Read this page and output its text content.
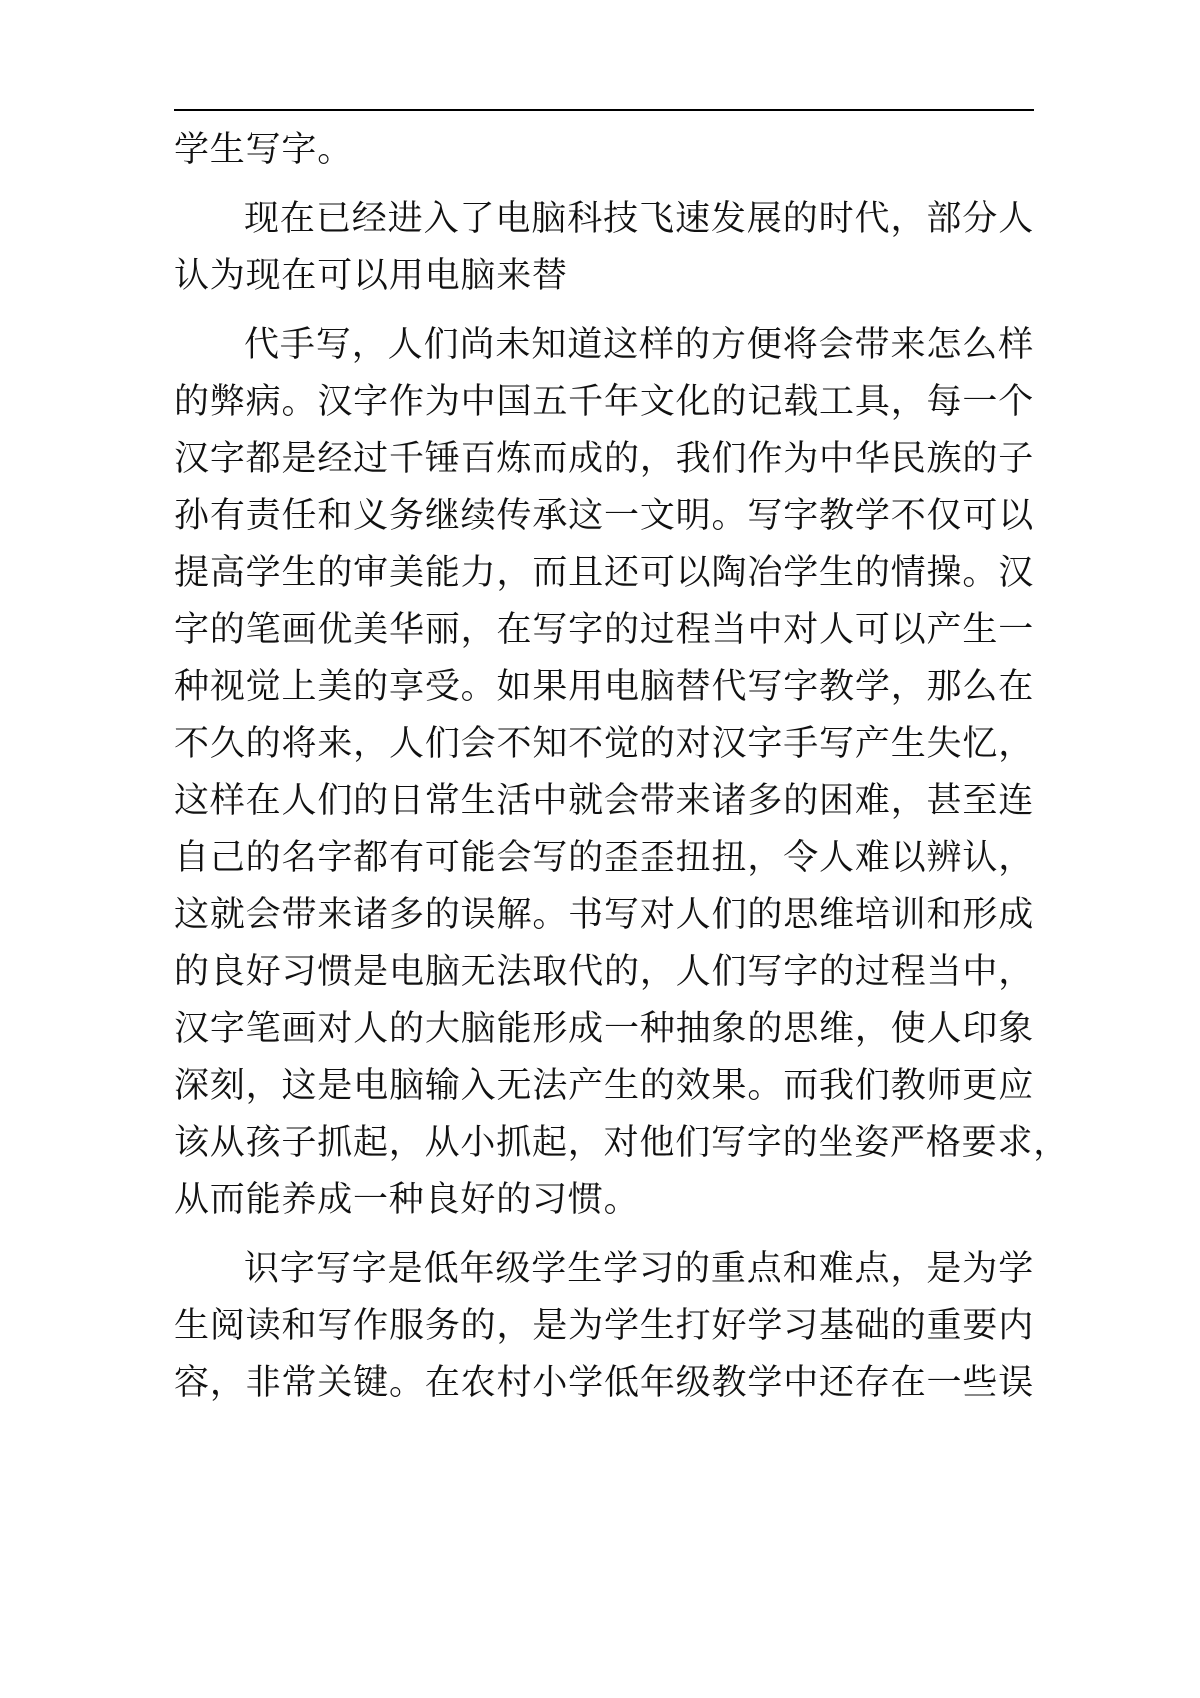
学生写字。

现在已经进入了电脑科技飞速发展的时代，部分人
认为现在可以用电脑来替

代手写，人们尚未知道这样的方便将会带来怎么样
的弊病。汉字作为中国五千年文化的记载工具，每一个
汉字都是经过千锤百炼而成的，我们作为中华民族的子
孙有责任和义务继续传承这一文明。写字教学不仅可以
提高学生的审美能力，而且还可以陶冶学生的情操。汉
字的笔画优美华丽，在写字的过程当中对人可以产生一
种视觉上美的享受。如果用电脑替代写字教学，那么在
不久的将来，人们会不知不觉的对汉字手写产生失忆，
这样在人们的日常生活中就会带来诸多的困难，甚至连
自己的名字都有可能会写的歪歪扭扭，令人难以辨认，
这就会带来诸多的误解。书写对人们的思维培训和形成
的良好习惯是电脑无法取代的，人们写字的过程当中，
汉字笔画对人的大脑能形成一种抽象的思维，使人印象
深刻，这是电脑输入无法产生的效果。而我们教师更应
该从孩子抓起，从小抓起，对他们写字的坐姿严格要求，
从而能养成一种良好的习惯。

识字写字是低年级学生学习的重点和难点，是为学
生阅读和写作服务的，是为学生打好学习基础的重要内
容，非常关键。在农村小学低年级教学中还存在一些误
